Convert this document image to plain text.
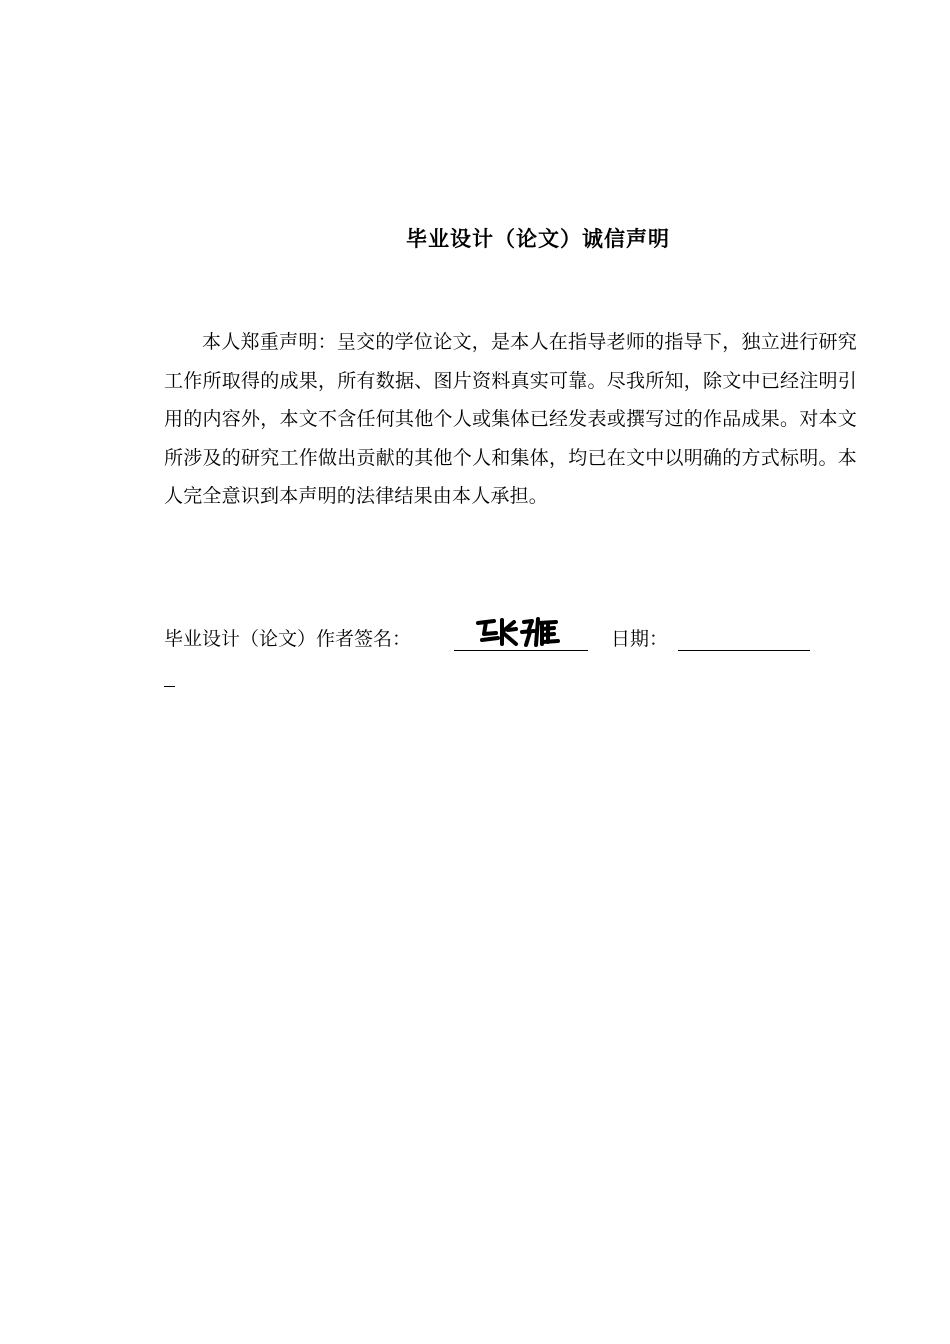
毕业设计（论文）诚信声明
本人郑重声明：呈交的学位论文，是本人在指导老师的指导下，独立进行研究工作所取得的成果，所有数据、图片资料真实可靠。尽我所知，除文中已经注明引用的内容外，本文不含任何其他个人或集体已经发表或撰写过的作品成果。对本文所涉及的研究工作做出贡献的其他个人和集体，均已在文中以明确的方式标明。本人完全意识到本声明的法律结果由本人承担。
毕业设计（论文）作者签名：	日期：
